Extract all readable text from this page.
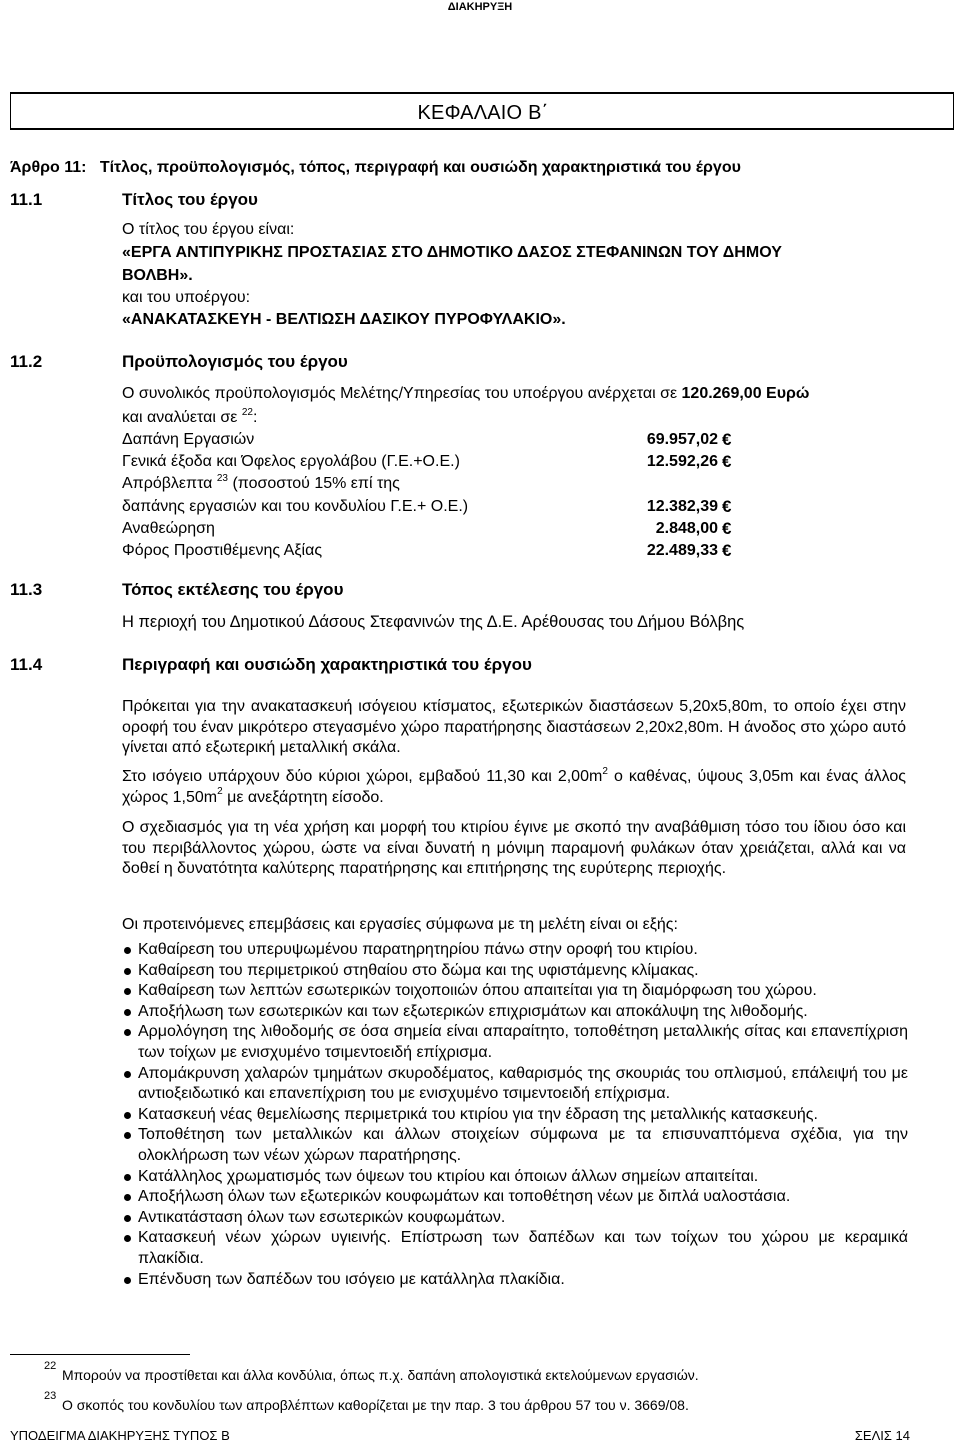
ΔΙΑΚΗΡΥΞΗ
ΚΕΦΑΛΑΙΟ Β΄
Άρθρο 11: Τίτλος, προϋπολογισμός, τόπος, περιγραφή και ουσιώδη χαρακτηριστικά του έργου
11.1	Τίτλος του έργου
Ο τίτλος του έργου είναι:
«ΕΡΓΑ ΑΝΤΙΠΥΡΙΚΗΣ ΠΡΟΣΤΑΣΙΑΣ ΣΤΟ ΔΗΜΟΤΙΚΟ ΔΑΣΟΣ ΣΤΕΦΑΝΙΝΩΝ ΤΟΥ ΔΗΜΟΥ
ΒΟΛΒΗ».
και του υποέργου:
«ΑΝΑΚΑΤΑΣΚΕΥΗ - ΒΕΛΤΙΩΣΗ ΔΑΣΙΚΟΥ ΠΥΡΟΦΥΛΑΚΙΟ».
11.2	Προϋπολογισμός του έργου
Ο συνολικός προϋπολογισμός Μελέτης/Υπηρεσίας του υποέργου ανέρχεται σε 120.269,00 Ευρώ
και αναλύεται σε $^{22}$:
Δαπάνη Εργασιών	69.957,02 €
Γενικά έξοδα και Όφελος εργολάβου (Γ.Ε.+Ο.Ε.)	12.592,26 €
Απρόβλεπτα $^{23}$ (ποσοστού 15% επί της
δαπάνης εργασιών και του κονδυλίου Γ.Ε.+ Ο.Ε.)	12.382,39 €
Αναθεώρηση	2.848,00 €
Φόρος Προστιθέμενης Αξίας	22.489,33 €
11.3	Τόπος εκτέλεσης του έργου
Η περιοχή του Δημοτικού Δάσους Στεφανινών της Δ.Ε. Αρέθουσας του Δήμου Βόλβης
11.4	Περιγραφή και ουσιώδη χαρακτηριστικά του έργου
Πρόκειται για την ανακατασκευή ισόγειου κτίσματος, εξωτερικών διαστάσεων 5,20x5,80m, το οποίο έχει στην οροφή του έναν μικρότερο στεγασμένο χώρο παρατήρησης διαστάσεων 2,20x2,80m. Η άνοδος στο χώρο αυτό γίνεται από εξωτερική μεταλλική σκάλα.
Στο ισόγειο υπάρχουν δύο κύριοι χώροι, εμβαδού 11,30 και $2,00m^2$ ο καθένας, ύψους 3,05m και ένας άλλος χώρος $1,50m^2$ με ανεξάρτητη είσοδο.
Ο σχεδιασμός για τη νέα χρήση και μορφή του κτιρίου έγινε με σκοπό την αναβάθμιση τόσο του ίδιου όσο και του περιβάλλοντος χώρου, ώστε να είναι δυνατή η μόνιμη παραμονή φυλάκων όταν χρειάζεται, αλλά και να δοθεί η δυνατότητα καλύτερης παρατήρησης και επιτήρησης της ευρύτερης περιοχής.
Οι προτεινόμενες επεμβάσεις και εργασίες σύμφωνα με τη μελέτη είναι οι εξής:
Καθαίρεση του υπερυψωμένου παρατηρητηρίου πάνω στην οροφή του κτιρίου.
Καθαίρεση του περιμετρικού στηθαίου στο δώμα και της υφιστάμενης κλίμακας.
Καθαίρεση των λεπτών εσωτερικών τοιχοποιιών όπου απαιτείται για τη διαμόρφωση του χώρου.
Αποξήλωση των εσωτερικών και των εξωτερικών επιχρισμάτων και αποκάλυψη της λιθοδομής.
Αρμολόγηση της λιθοδομής σε όσα σημεία είναι απαραίτητο, τοποθέτηση μεταλλικής σίτας και επανεπίχριση των τοίχων με ενισχυμένο τσιμεντοειδή επίχρισμα.
Απομάκρυνση χαλαρών τμημάτων σκυροδέματος, καθαρισμός της σκουριάς του οπλισμού, επάλειψή του με αντιοξειδωτικό και επανεπίχριση του με ενισχυμένο τσιμεντοειδή επίχρισμα.
Κατασκευή νέας θεμελίωσης περιμετρικά του κτιρίου για την έδραση της μεταλλικής κατασκευής.
Τοποθέτηση των μεταλλικών και άλλων στοιχείων σύμφωνα με τα επισυναπτόμενα σχέδια, για την ολοκλήρωση των νέων χώρων παρατήρησης.
Κατάλληλος χρωματισμός των όψεων του κτιρίου και όποιων άλλων σημείων απαιτείται.
Αποξήλωση όλων των εξωτερικών κουφωμάτων και τοποθέτηση νέων με διπλά υαλοστάσια.
Αντικατάσταση όλων των εσωτερικών κουφωμάτων.
Κατασκευή νέων χώρων υγιεινής. Επίστρωση των δαπέδων και των τοίχων του χώρου με κεραμικά πλακίδια.
Επένδυση των δαπέδων του ισόγειο με κατάλληλα πλακίδια.
22
Μπορούν να προστίθεται και άλλα κονδύλια, όπως π.χ. δαπάνη απολογιστικά εκτελούμενων εργασιών.
23
Ο σκοπός του κονδυλίου των απροβλέπτων καθορίζεται με την παρ. 3 του άρθρου 57 του ν. 3669/08.
ΥΠΟΔΕΙΓΜΑ ΔΙΑΚΗΡΥΞΗΣ ΤΥΠΟΣ Β	ΣΕΛΙΣ 14
